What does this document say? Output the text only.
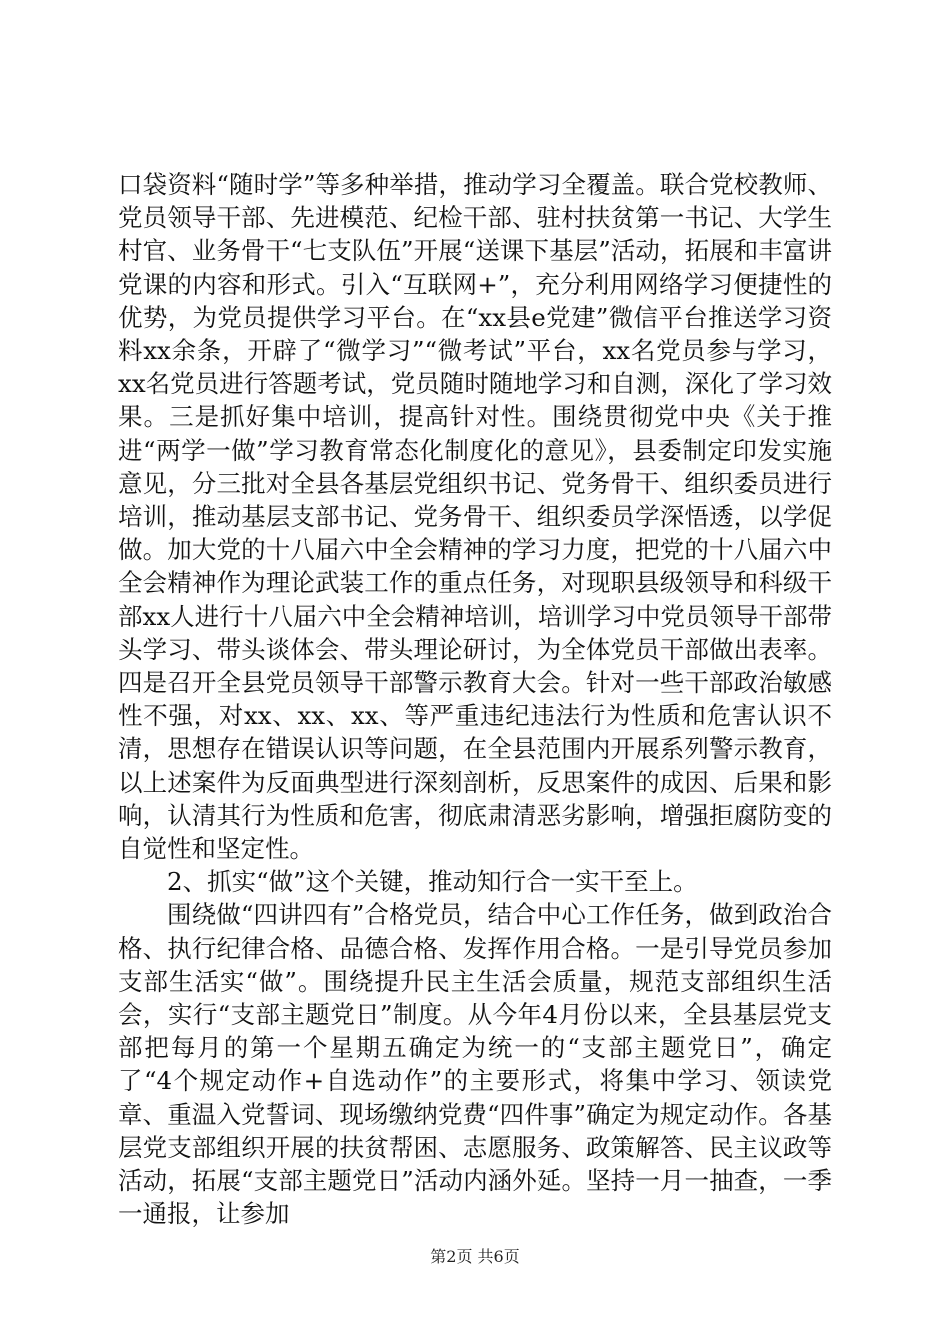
口袋资料“随时学”等多种举措，推动学习全覆盖。联合党校教师、党员领导干部、先进模范、纪检干部、驻村扶贫第一书记、大学生村官、业务骨干“七支队伍”开展“送课下基层”活动，拓展和丰富讲党课的内容和形式。引入“互联网+”，充分利用网络学习便捷性的优势，为党员提供学习平台。在“xx县e党建”微信平台推送学习资料xx余条，开辟了“微学习”“微考试”平台，xx名党员参与学习，xx名党员进行答题考试，党员随时随地学习和自测，深化了学习效果。三是抓好集中培训，提高针对性。围绕贯彻党中央《关于推进“两学一做”学习教育常态化制度化的意见》，县委制定印发实施意见，分三批对全县各基层党组织书记、党务骨干、组织委员进行培训，推动基层支部书记、党务骨干、组织委员学深悟透，以学促做。加大党的十八届六中全会精神的学习力度，把党的十八届六中全会精神作为理论武装工作的重点任务，对现职县级领导和科级干部xx人进行十八届六中全会精神培训，培训学习中党员领导干部带头学习、带头谈体会、带头理论研讨，为全体党员干部做出表率。四是召开全县党员领导干部警示教育大会。针对一些干部政治敏感性不强，对xx、xx、xx、等严重违纪违法行为性质和危害认识不清，思想存在错误认识等问题，在全县范围内开展系列警示教育，以上述案件为反面典型进行深刻剖析，反思案件的成因、后果和影响，认清其行为性质和危害，彻底肃清恶劣影响，增强拒腐防变的自觉性和坚定性。

2、抓实“做”这个关键，推动知行合一实干至上。

围绕做“四讲四有”合格党员，结合中心工作任务，做到政治合格、执行纪律合格、品德合格、发挥作用合格。一是引导党员参加支部生活实“做”。围绕提升民主生活会质量，规范支部组织生活会，实行“支部主题党日”制度。从今年4月份以来，全县基层党支部把每月的第一个星期五确定为统一的“支部主题党日”，确定了“4个规定动作+自选动作”的主要形式，将集中学习、领读党章、重温入党誓词、现场缴纳党费“四件事”确定为规定动作。各基层党支部组织开展的扶贫帮困、志愿服务、政策解答、民主议政等活动，拓展“支部主题党日”活动内涵外延。坚持一月一抽查，一季一通报，让参加

第2页 共6页
